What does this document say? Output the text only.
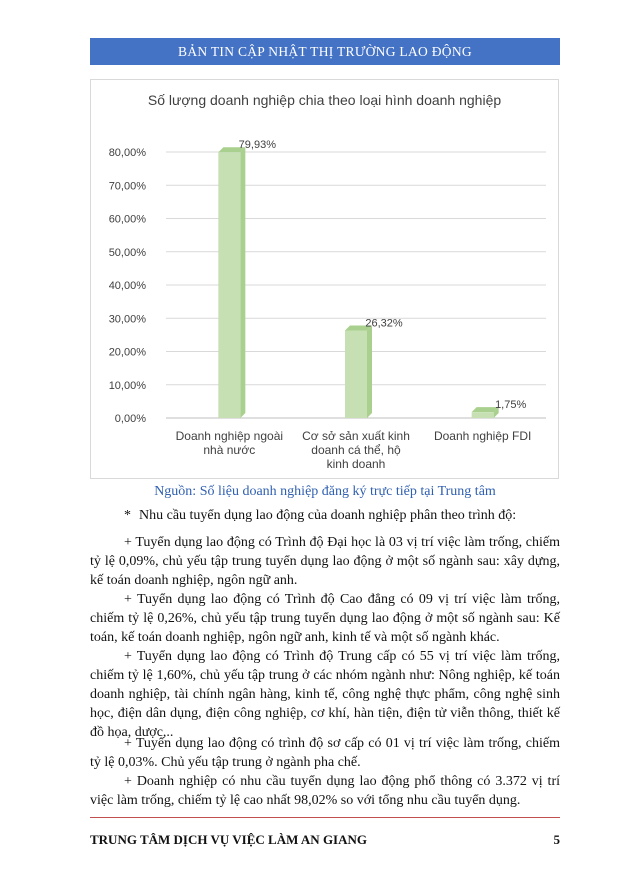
BẢN TIN CẬP NHẬT THỊ TRƯỜNG LAO ĐỘNG
Số lượng doanh nghiệp chia theo loại hình doanh nghiệp
0,00%
10,00%
20,00%
30,00%
40,00%
50,00%
60,00%
70,00%
80,00%
79,93%
Doanh nghiệp ngoài
nhà nước
26,32%
Cơ sở sản xuất kinh
doanh cá thể, hộ
kinh doanh
1,75%
Doanh nghiệp FDI
Nguồn: Số liệu doanh nghiệp đăng ký trực tiếp tại Trung tâm
* Nhu cầu tuyển dụng lao động của doanh nghiệp phân theo trình độ:

+ Tuyển dụng lao động có Trình độ Đại học là 03 vị trí việc làm trống, chiếm tỷ lệ 0,09%, chủ yếu tập trung tuyển dụng lao động ở một số ngành sau: xây dựng, kế toán doanh nghiệp, ngôn ngữ anh.

+ Tuyển dụng lao động có Trình độ Cao đẳng có 09 vị trí việc làm trống, chiếm tỷ lệ 0,26%, chủ yếu tập trung tuyển dụng lao động ở một số ngành sau: Kế toán, kế toán doanh nghiệp, ngôn ngữ anh, kinh tế và một số ngành khác.

+ Tuyển dụng lao động có Trình độ Trung cấp có 55 vị trí việc làm trống, chiếm tỷ lệ 1,60%, chủ yếu tập trung ở các nhóm ngành như: Nông nghiệp, kế toán doanh nghiệp, tài chính ngân hàng, kinh tế, công nghệ thực phẩm, công nghệ sinh học, điện dân dụng, điện công nghiệp, cơ khí, hàn tiện, điện tử viễn thông, thiết kế đồ họa, dược,..

+ Tuyển dụng lao động có trình độ sơ cấp có 01 vị trí việc làm trống, chiếm tỷ lệ 0,03%. Chủ yếu tập trung ở ngành pha chế.

+ Doanh nghiệp có nhu cầu tuyển dụng lao động phổ thông có 3.372 vị trí việc làm trống, chiếm tỷ lệ cao nhất 98,02% so với tổng nhu cầu tuyển dụng.

TRUNG TÂM DỊCH VỤ VIỆC LÀM AN GIANG	5
